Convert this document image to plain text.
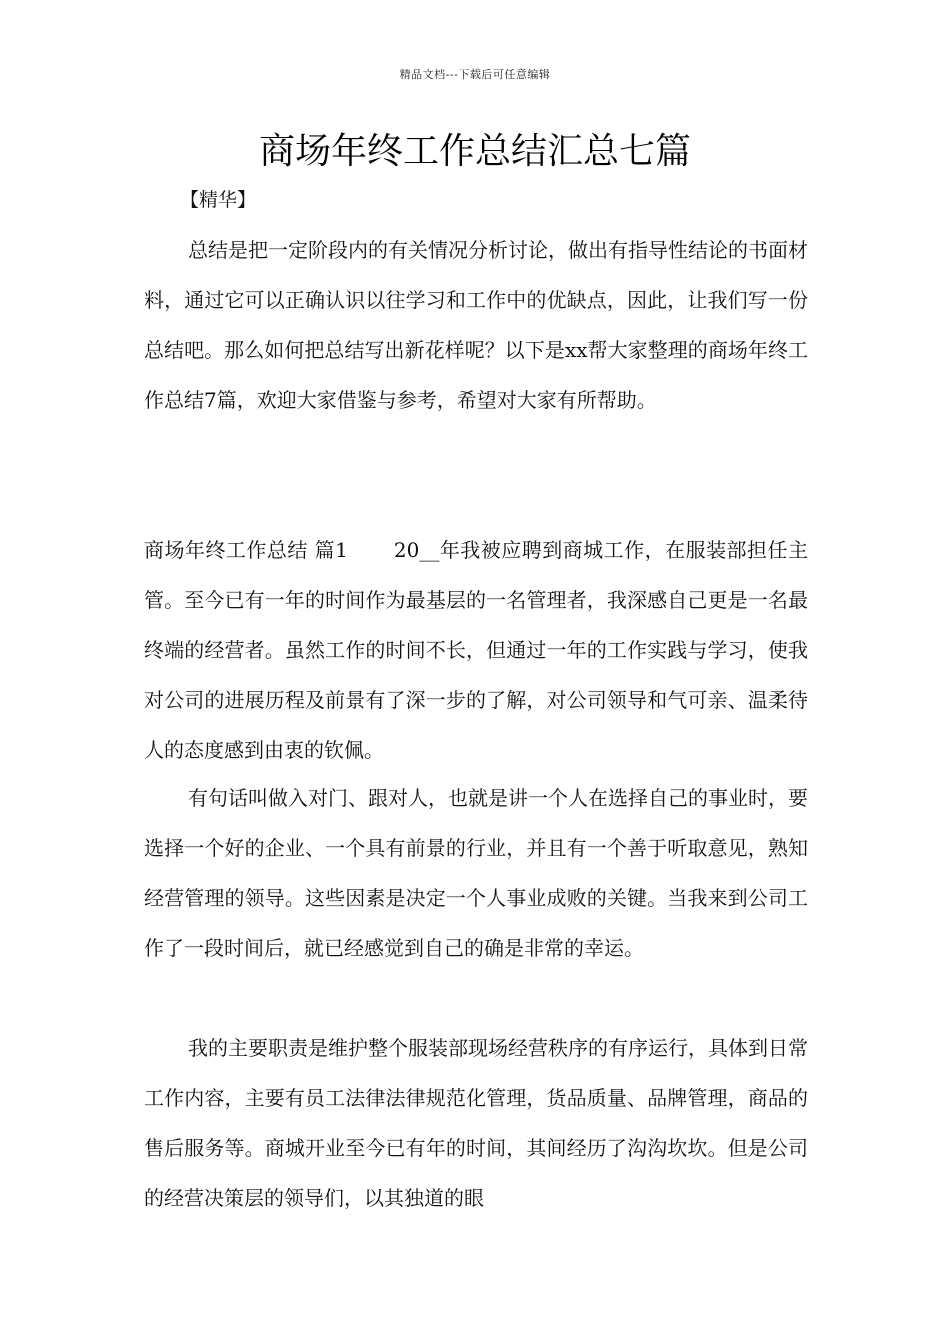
精品文档---下载后可任意编辑
商场年终工作总结汇总七篇

【精华】

总结是把一定阶段内的有关情况分析讨论，做出有指导性结论的书面材料，通过它可以正确认识以往学习和工作中的优缺点，因此，让我们写一份总结吧。那么如何把总结写出新花样呢？以下是xx帮大家整理的商场年终工作总结7篇，欢迎大家借鉴与参考，希望对大家有所帮助。

商场年终工作总结 篇1 20__年我被应聘到商城工作，在服装部担任主管。至今已有一年的时间作为最基层的一名管理者，我深感自己更是一名最终端的经营者。虽然工作的时间不长，但通过一年的工作实践与学习，使我对公司的进展历程及前景有了深一步的了解，对公司领导和气可亲、温柔待人的态度感到由衷的钦佩。

有句话叫做入对门、跟对人，也就是讲一个人在选择自己的事业时，要选择一个好的企业、一个具有前景的行业，并且有一个善于听取意见，熟知经营管理的领导。这些因素是决定一个人事业成败的关键。当我来到公司工作了一段时间后，就已经感觉到自己的确是非常的幸运。

我的主要职责是维护整个服装部现场经营秩序的有序运行，具体到日常工作内容，主要有员工法律法律规范化管理，货品质量、品牌管理，商品的售后服务等。商城开业至今已有年的时间，其间经历了沟沟坎坎。但是公司的经营决策层的领导们，以其独道的眼
